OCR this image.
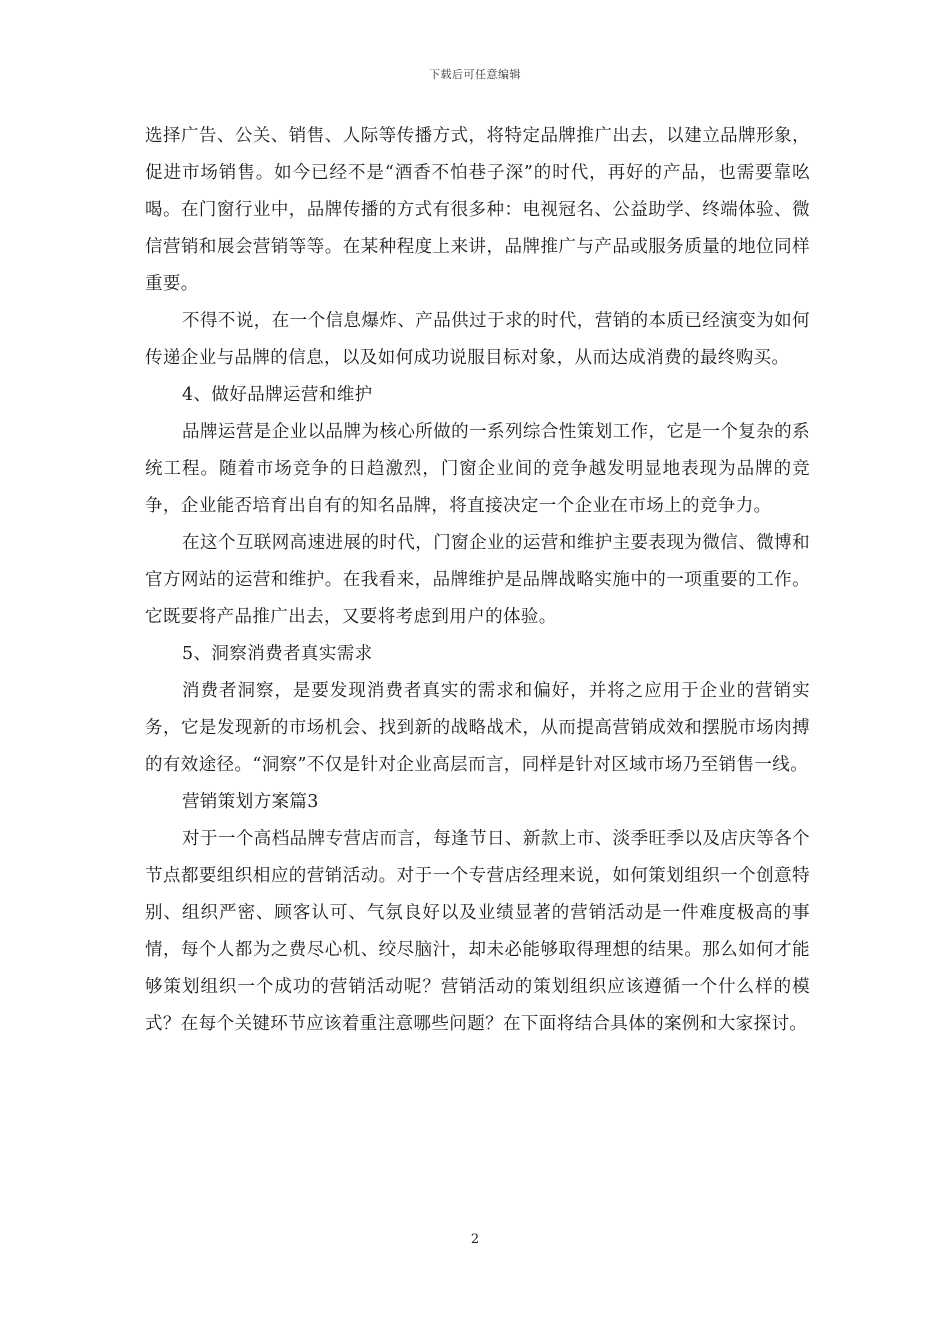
下载后可任意编辑

选择广告、公关、销售、人际等传播方式，将特定品牌推广出去，以建立品牌形象，促进市场销售。如今已经不是“酒香不怕巷子深”的时代，再好的产品，也需要靠吆喝。在门窗行业中，品牌传播的方式有很多种：电视冠名、公益助学、终端体验、微信营销和展会营销等等。在某种程度上来讲，品牌推广与产品或服务质量的地位同样重要。

不得不说，在一个信息爆炸、产品供过于求的时代，营销的本质已经演变为如何传递企业与品牌的信息，以及如何成功说服目标对象，从而达成消费的最终购买。

4、做好品牌运营和维护

品牌运营是企业以品牌为核心所做的一系列综合性策划工作，它是一个复杂的系统工程。随着市场竞争的日趋激烈，门窗企业间的竞争越发明显地表现为品牌的竞争，企业能否培育出自有的知名品牌，将直接决定一个企业在市场上的竞争力。

在这个互联网高速进展的时代，门窗企业的运营和维护主要表现为微信、微博和官方网站的运营和维护。在我看来，品牌维护是品牌战略实施中的一项重要的工作。它既要将产品推广出去，又要将考虑到用户的体验。

5、洞察消费者真实需求

消费者洞察，是要发现消费者真实的需求和偏好，并将之应用于企业的营销实务，它是发现新的市场机会、找到新的战略战术，从而提高营销成效和摆脱市场肉搏的有效途径。“洞察”不仅是针对企业高层而言，同样是针对区域市场乃至销售一线。

营销策划方案篇3

对于一个高档品牌专营店而言，每逢节日、新款上市、淡季旺季以及店庆等各个节点都要组织相应的营销活动。对于一个专营店经理来说，如何策划组织一个创意特别、组织严密、顾客认可、气氛良好以及业绩显著的营销活动是一件难度极高的事情，每个人都为之费尽心机、绞尽脑汁，却未必能够取得理想的结果。那么如何才能够策划组织一个成功的营销活动呢？营销活动的策划组织应该遵循一个什么样的模式？在每个关键环节应该着重注意哪些问题？在下面将结合具体的案例和大家探讨。

2
